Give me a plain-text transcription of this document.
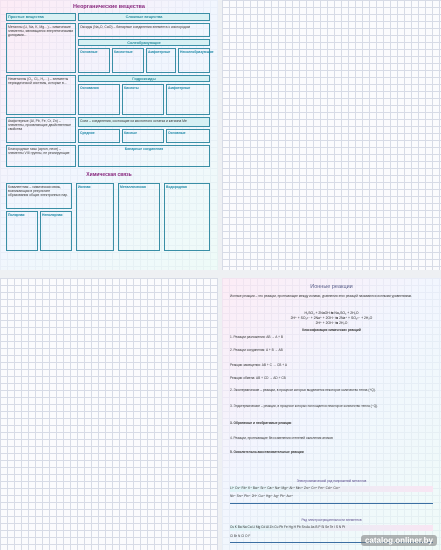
Неорганические вещества
Простые вещества	Сложные вещества
Металлы (Li, Na, K, Mg…) – химические элементы, являющиеся энергетическими донорами...
Оксиды (Na₂O, CaO) – бинарные соединения элемента с кислородом
Солеобразующие
Основные	Кислотные	Амфотерные	Несолеобразующие
Неметаллы (O₂, Cl₂, H₂…) – элементы периодической системы, которые в...
Гидроксиды
Основания	Кислоты	Амфотерные
Амфотерные (Al, Pb, Fe, Cr, Zn) – элементы, проявляющие двойственные свойства
Соли – соединения, состоящие из кислотного остатка и катиона Ме
Средние	Кислые	Основные
Благородные газы (аргон, неон) – элементы VIII группы, не реагирующие
Бинарные соединения
Химическая связь
Ковалентная – химическая связь, возникающая в результате образования общих электронных пар.
Полярная	Неполярная
Ионная	Металлическая	Водородная
Ионные реакции
Ионные реакции – это реакции, протекающие между ионами, уравнения этих реакций называются ионными уравнениями.
H₂SO₄ + 2NaOH ⇆ Na₂SO₄ + 2H₂O
2H⁺ + SO₄²⁻ + 2Na⁺ + 2OH⁻ ⇆ 2Na⁺ + SO₄²⁻ + 2H₂O
2H⁺ + 2OH⁻ ⇆ 2H₂O
Классификация химических реакций
1. Реакции разложения: AB → A + B
2. Реакции соединения: A + B → AB
Реакции замещения: AB + C → CB + A
Реакции обмена: AB + CD → AD + CB
2. Экзотермические – реакции, в процессе которых выделяется некоторое количество тепла (+Q).
3. Эндотермические – реакции, в процессе которых поглощается некоторое количество тепла (−Q).
3. Обратимые и необратимые реакции
4. Реакции, протекающие без изменения степеней окисления атомов
5. Окислительно-восстановительные реакции
Электрохимический ряд напряжений металлов
Li⁺ Cs⁺ Rb⁺ K⁺ Ba²⁺ Sr²⁺ Ca²⁺ Na⁺ Mg²⁺ Al³⁺ Mn²⁺ Zn²⁺ Cr³⁺ Fe²⁺ Cd²⁺ Co²⁺
Ni²⁺ Sn²⁺ Pb²⁺ 2H⁺ Cu²⁺ Hg²⁺ Ag⁺ Pt²⁺ Au³⁺
Ряд электроотрицательности элементов
Cs K Ba Na Ca Li Mg Cd Al Zn Cu Pb Fe Hg H Pb Sn Au As B P Si Se Te I S N Pt
Cl Br N Cl O F	catalog.onliner.by
